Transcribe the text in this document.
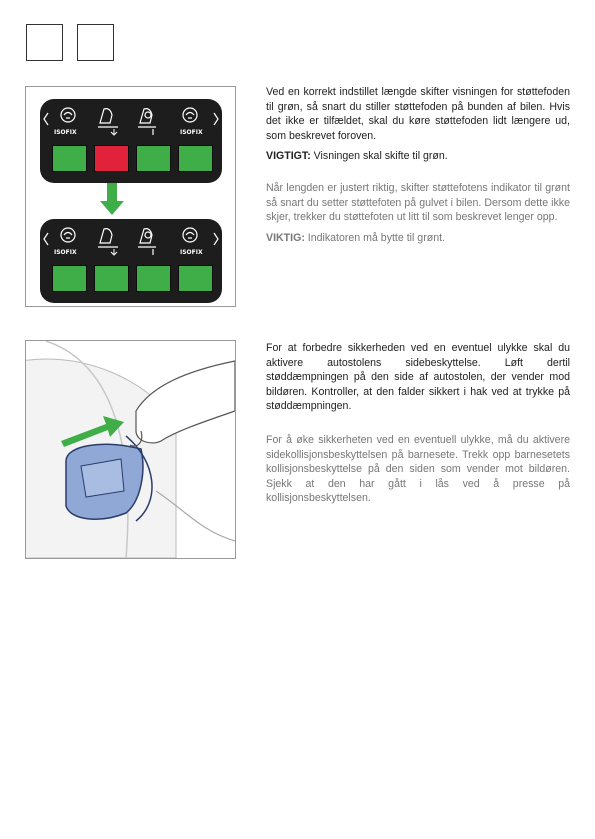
ISOFIX	ISOFIX
ISOFIX	ISOFIX

Ved en korrekt indstillet længde skifter visningen for støttefoden til grøn, så snart du stiller støttefoden på bunden af bilen. Hvis det ikke er tilfældet, skal du køre støttefoden lidt længere ud, som beskrevet foroven.

VIGTIGT: Visningen skal skifte til grøn.

Når lengden er justert riktig, skifter støttefotens indikator til grønt så snart du setter støttefoten på gulvet i bilen. Dersom dette ikke skjer, trekker du støttefoten ut litt til som beskrevet lenger opp.

VIKTIG: Indikatoren må bytte til grønt.

For at forbedre sikkerheden ved en eventuel ulykke skal du aktivere autostolens sidebeskyttelse. Løft dertil støddæmpningen på den side af autostolen, der vender mod bildøren. Kontroller, at den falder sikkert i hak ved at trykke på støddæmpningen.

For å øke sikkerheten ved en eventuell ulykke, må du aktivere sidekollisjonsbeskyttelsen på barnesete. Trekk opp barnesetets kollisjonsbeskyttelse på den siden som vender mot bildøren. Sjekk at den har gått i lås ved å presse på kollisjonsbeskyttelsen.
